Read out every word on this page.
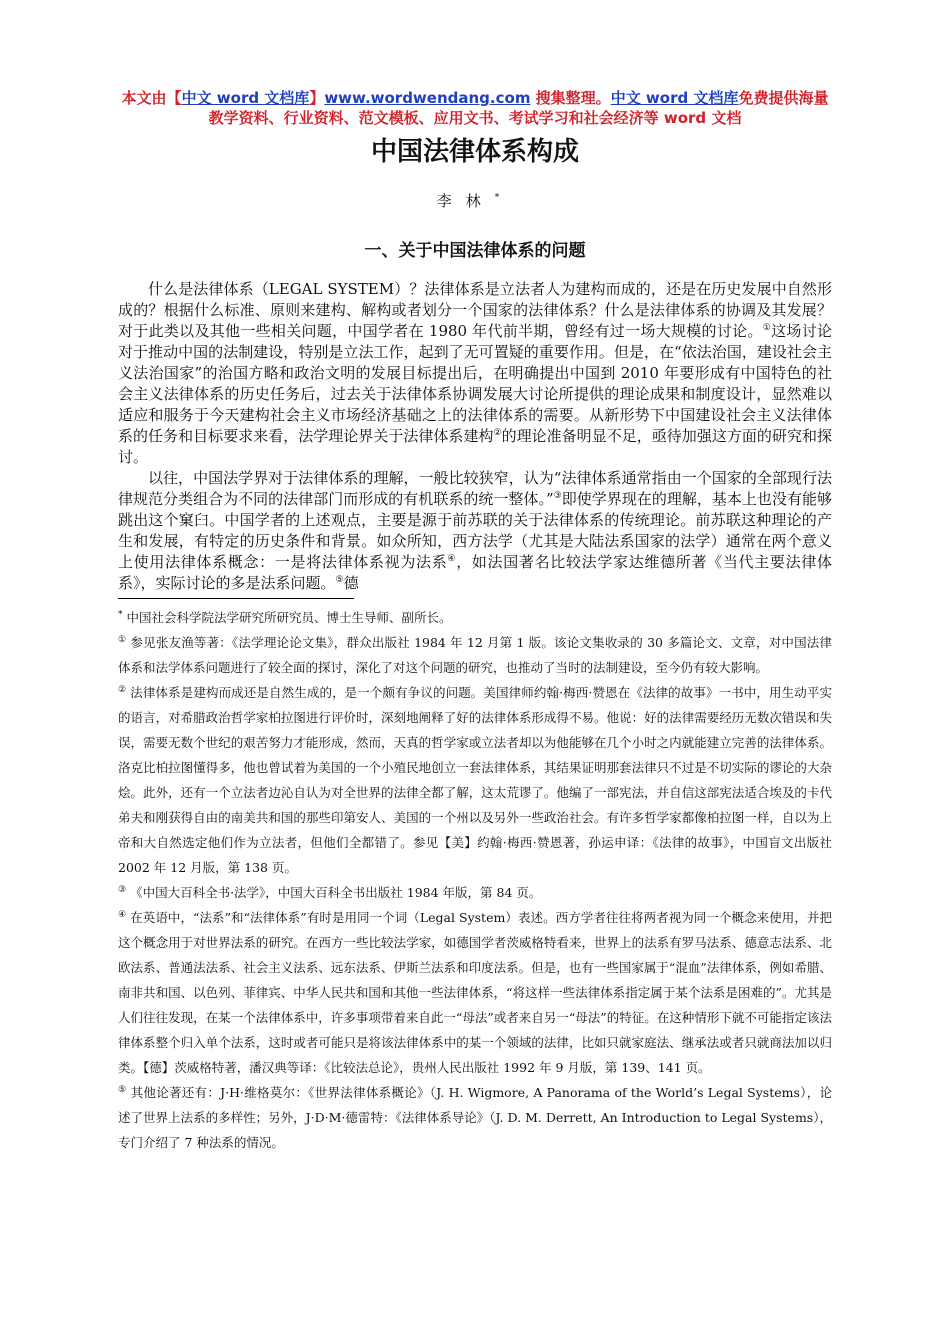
本文由【中文 word 文档库】www.wordwendang.com 搜集整理。中文 word 文档库免费提供海量教学资料、行业资料、范文模板、应用文书、考试学习和社会经济等 word 文档
中国法律体系构成
李林*
一、关于中国法律体系的问题

什么是法律体系（LEGAL SYSTEM）？法律体系是立法者人为建构而成的，还是在历史发展中自然形成的？根据什么标准、原则来建构、解构或者划分一个国家的法律体系？什么是法律体系的协调及其发展？对于此类以及其他一些相关问题，中国学者在 1980 年代前半期，曾经有过一场大规模的讨论。①这场讨论对于推动中国的法制建设，特别是立法工作，起到了无可置疑的重要作用。但是，在“依法治国，建设社会主义法治国家”的治国方略和政治文明的发展目标提出后，在明确提出中国到 2010 年要形成有中国特色的社会主义法律体系的历史任务后，过去关于法律体系协调发展大讨论所提供的理论成果和制度设计，显然难以适应和服务于今天建构社会主义市场经济基础之上的法律体系的需要。从新形势下中国建设社会主义法律体系的任务和目标要求来看，法学理论界关于法律体系建构②的理论准备明显不足，亟待加强这方面的研究和探讨。

以往，中国法学界对于法律体系的理解，一般比较狭窄，认为“法律体系通常指由一个国家的全部现行法律规范分类组合为不同的法律部门而形成的有机联系的统一整体。”③即使学界现在的理解，基本上也没有能够跳出这个窠臼。中国学者的上述观点，主要是源于前苏联的关于法律体系的传统理论。前苏联这种理论的产生和发展，有特定的历史条件和背景。如众所知，西方法学（尤其是大陆法系国家的法学）通常在两个意义上使用法律体系概念：一是将法律体系视为法系④，如法国著名比较法学家达维德所著《当代主要法律体系》，实际讨论的多是法系问题。⑤德

* 中国社会科学院法学研究所研究员、博士生导师、副所长。

① 参见张友渔等著：《法学理论论文集》，群众出版社 1984 年 12 月第 1 版。该论文集收录的 30 多篇论文、文章，对中国法律体系和法学体系问题进行了较全面的探讨，深化了对这个问题的研究，也推动了当时的法制建设，至今仍有较大影响。

② 法律体系是建构而成还是自然生成的，是一个颇有争议的问题。美国律师约翰·梅西·赞恩在《法律的故事》一书中，用生动平实的语言，对希腊政治哲学家柏拉图进行评价时，深刻地阐释了好的法律体系形成得不易。他说：好的法律需要经历无数次错误和失误，需要无数个世纪的艰苦努力才能形成，然而，天真的哲学家或立法者却以为他能够在几个小时之内就能建立完善的法律体系。洛克比柏拉图懂得多，他也曾试着为美国的一个小殖民地创立一套法律体系，其结果证明那套法律只不过是不切实际的谬论的大杂烩。此外，还有一个立法者边沁自认为对全世界的法律全都了解，这太荒谬了。他编了一部宪法，并自信这部宪法适合埃及的卡代弟夫和刚获得自由的南美共和国的那些印第安人、美国的一个州以及另外一些政治社会。有许多哲学家都像柏拉图一样，自以为上帝和大自然选定他们作为立法者，但他们全都错了。参见【美】约翰·梅西·赞恩著，孙运申译：《法律的故事》，中国盲文出版社 2002 年 12 月版，第 138 页。

③ 《中国大百科全书·法学》，中国大百科全书出版社 1984 年版，第 84 页。

④ 在英语中，“法系”和“法律体系”有时是用同一个词（Legal System）表述。西方学者往往将两者视为同一个概念来使用，并把这个概念用于对世界法系的研究。在西方一些比较法学家，如德国学者茨威格特看来，世界上的法系有罗马法系、德意志法系、北欧法系、普通法法系、社会主义法系、远东法系、伊斯兰法系和印度法系。但是，也有一些国家属于“混血”法律体系，例如希腊、南非共和国、以色列、菲律宾、中华人民共和国和其他一些法律体系，“将这样一些法律体系指定属于某个法系是困难的”。尤其是人们往往发现，在某一个法律体系中，许多事项带着来自此一“母法”或者来自另一“母法”的特征。在这种情形下就不可能指定该法律体系整个归入单个法系，这时或者可能只是将该法律体系中的某一个领域的法律，比如只就家庭法、继承法或者只就商法加以归类。【德】茨威格特著，潘汉典等译：《比较法总论》，贵州人民出版社 1992 年 9 月版，第 139、141 页。

⑤ 其他论著还有：J·H·维格莫尔：《世界法律体系概论》（J. H. Wigmore, A Panorama of the World’s Legal Systems），论述了世界上法系的多样性；另外，J·D·M·德雷特：《法律体系导论》（J. D. M. Derrett, An Introduction to Legal Systems），专门介绍了 7 种法系的情况。
